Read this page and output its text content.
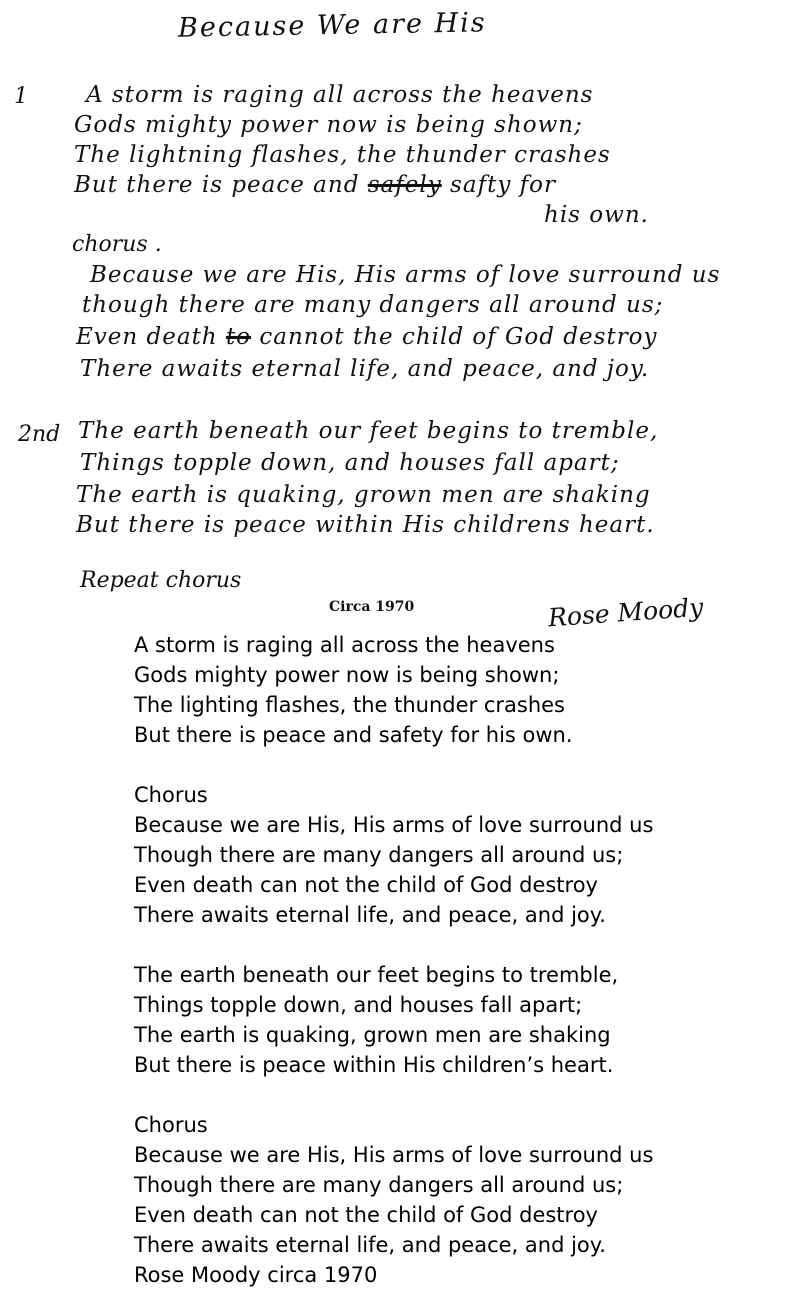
Because We are His

1	A storm is raging all across the heavens

Gods mighty power now is being shown;

The lightning flashes, the thunder crashes

But there is peace and safely safty for

his own.

chorus .

Because we are His, His arms of love surround us

though there are many dangers all around us;

Even death to cannot the child of God destroy

There awaits eternal life, and peace, and joy.

2nd The earth beneath our feet begins to tremble,

Things topple down, and houses fall apart;

The earth is quaking, grown men are shaking

But there is peace within His childrens heart.

Repeat chorus

Circa 1970	Rose Moody

A storm is raging all across the heavens

Gods mighty power now is being shown;

The lighting flashes, the thunder crashes

But there is peace and safety for his own.

Chorus

Because we are His, His arms of love surround us

Though there are many dangers all around us;

Even death can not the child of God destroy

There awaits eternal life, and peace, and joy.

The earth beneath our feet begins to tremble,

Things topple down, and houses fall apart;

The earth is quaking, grown men are shaking

But there is peace within His children’s heart.

Chorus

Because we are His, His arms of love surround us

Though there are many dangers all around us;

Even death can not the child of God destroy

There awaits eternal life, and peace, and joy.

Rose Moody circa 1970
